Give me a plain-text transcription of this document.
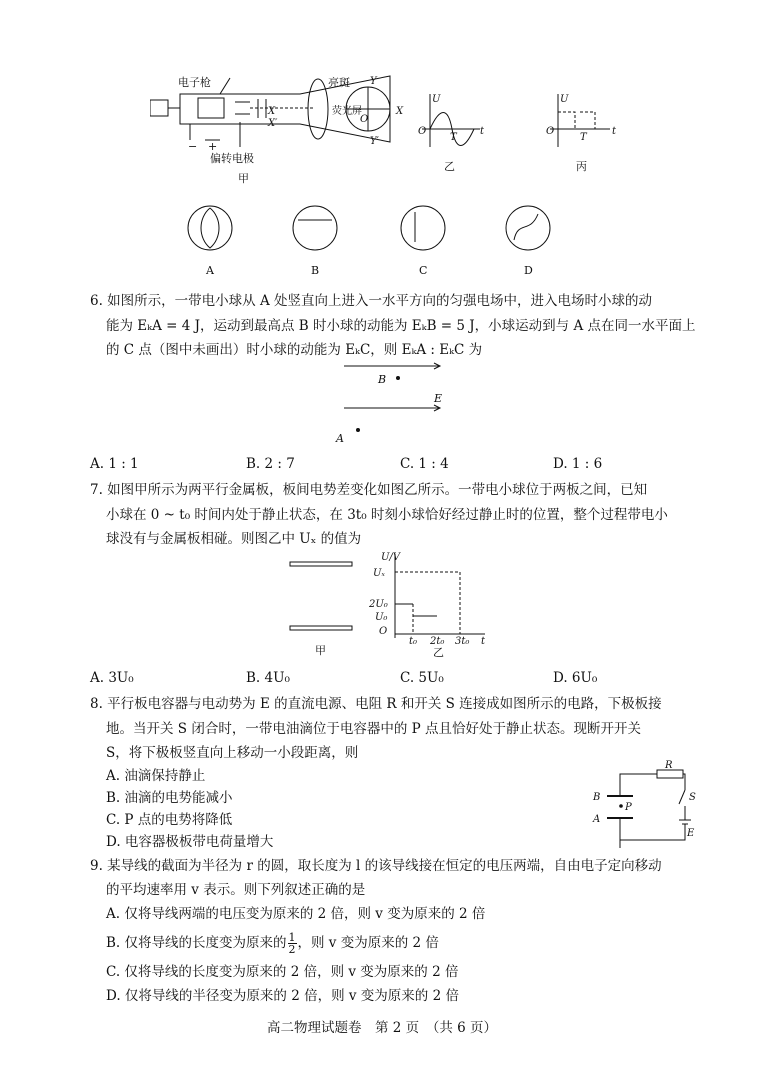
电子枪	亮斑
荧光屏
偏转电极
甲
− +
X
X′
Y
Y′
X
O
U
O
T
t
乙
U
O
T
t
丙
A	B	C	D
6. 如图所示，一带电小球从 A 处竖直向上进入一水平方向的匀强电场中，进入电场时小球的动
能为 EₖA = 4 J，运动到最高点 B 时小球的动能为 EₖB = 5 J，小球运动到与 A 点在同一水平面上
的 C 点（图中未画出）时小球的动能为 EₖC，则 EₖA : EₖC 为
B
E
A
A. 1 : 1	B. 2 : 7	C. 1 : 4	D. 1 : 6
7. 如图甲所示为两平行金属板，板间电势差变化如图乙所示。一带电小球位于两板之间，已知
小球在 0 ~ t₀ 时间内处于静止状态，在 3t₀ 时刻小球恰好经过静止时的位置，整个过程带电小
球没有与金属板相碰。则图乙中 Uₓ 的值为
甲
U/V
Uₓ
2U₀
U₀
O
t₀ 2t₀ 3t₀ t
乙
A. 3U₀	B. 4U₀	C. 5U₀	D. 6U₀
8. 平行板电容器与电动势为 E 的直流电源、电阻 R 和开关 S 连接成如图所示的电路，下极板接
地。当开关 S 闭合时，一带电油滴位于电容器中的 P 点且恰好处于静止状态。现断开开关
S，将下极板竖直向上移动一小段距离，则
A. 油滴保持静止
B. 油滴的电势能减小
C. P 点的电势将降低
D. 电容器极板带电荷量增大
R
S
E
B
A
P
9. 某导线的截面为半径为 r 的圆，取长度为 l 的该导线接在恒定的电压两端，自由电子定向移动
的平均速率用 v 表示。则下列叙述正确的是
A. 仅将导线两端的电压变为原来的 2 倍，则 v 变为原来的 2 倍
B. 仅将导线的长度变为原来的 $\frac{1}{2}$ ，则 v 变为原来的 2 倍
C. 仅将导线的长度变为原来的 2 倍，则 v 变为原来的 2 倍
D. 仅将导线的半径变为原来的 2 倍，则 v 变为原来的 2 倍
高二物理试题卷　第 2 页　（共 6 页）
